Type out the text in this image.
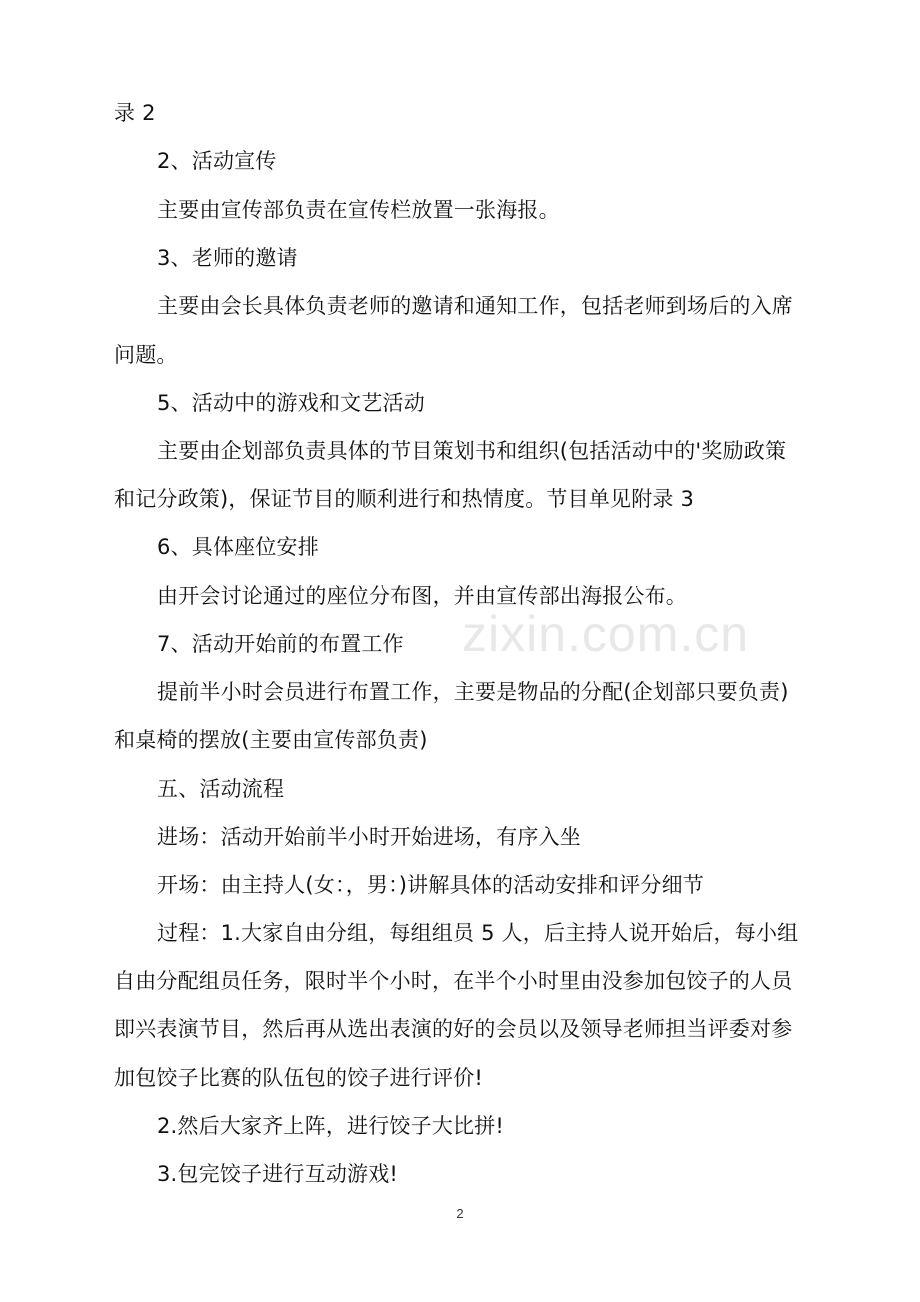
录 2
2、活动宣传
主要由宣传部负责在宣传栏放置一张海报。
3、老师的邀请
主要由会长具体负责老师的邀请和通知工作，包括老师到场后的入席
问题。
5、活动中的游戏和文艺活动
主要由企划部负责具体的节目策划书和组织(包括活动中的'奖励政策
和记分政策)，保证节目的顺利进行和热情度。节目单见附录 3
6、具体座位安排
由开会讨论通过的座位分布图，并由宣传部出海报公布。
7、活动开始前的布置工作
提前半小时会员进行布置工作，主要是物品的分配(企划部只要负责)
和桌椅的摆放(主要由宣传部负责)
五、活动流程
进场：活动开始前半小时开始进场，有序入坐
开场：由主持人(女：，男：)讲解具体的活动安排和评分细节
过程：1.大家自由分组，每组组员 5 人，后主持人说开始后，每小组
自由分配组员任务，限时半个小时，在半个小时里由没参加包饺子的人员
即兴表演节目，然后再从选出表演的好的会员以及领导老师担当评委对参
加包饺子比赛的队伍包的饺子进行评价!
2.然后大家齐上阵，进行饺子大比拼!
3.包完饺子进行互动游戏!
zixin.com.cn
2
